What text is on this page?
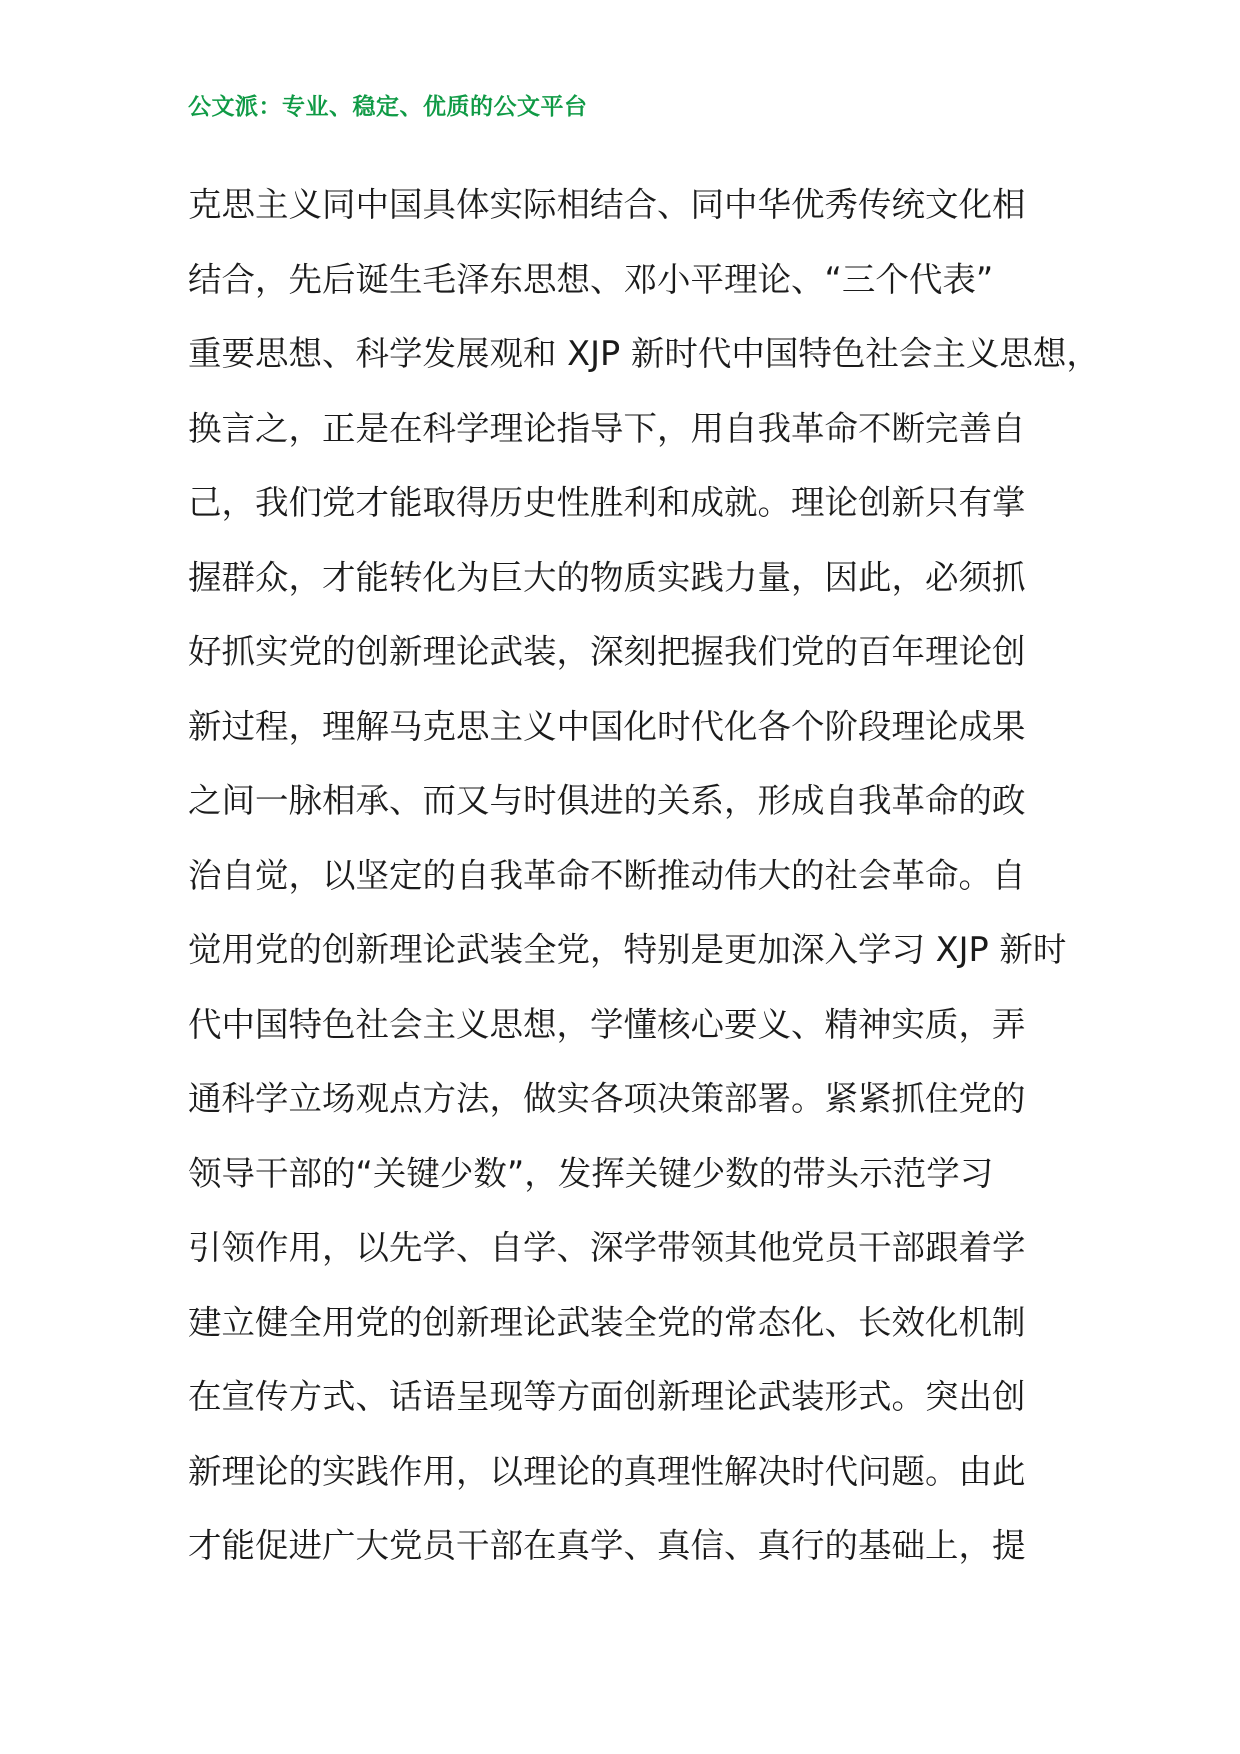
公文派：专业、稳定、优质的公文平台
克思主义同中国具体实际相结合、同中华优秀传统文化相
结合，先后诞生毛泽东思想、邓小平理论、“三个代表”
重要思想、科学发展观和 XJP 新时代中国特色社会主义思想，
换言之，正是在科学理论指导下，用自我革命不断完善自
己，我们党才能取得历史性胜利和成就。理论创新只有掌
握群众，才能转化为巨大的物质实践力量，因此，必须抓
好抓实党的创新理论武装，深刻把握我们党的百年理论创
新过程，理解马克思主义中国化时代化各个阶段理论成果
之间一脉相承、而又与时俱进的关系，形成自我革命的政
治自觉，以坚定的自我革命不断推动伟大的社会革命。自
觉用党的创新理论武装全党，特别是更加深入学习 XJP 新时
代中国特色社会主义思想，学懂核心要义、精神实质，弄
通科学立场观点方法，做实各项决策部署。紧紧抓住党的
领导干部的“关键少数”，发挥关键少数的带头示范学习
引领作用，以先学、自学、深学带领其他党员干部跟着学
建立健全用党的创新理论武装全党的常态化、长效化机制
在宣传方式、话语呈现等方面创新理论武装形式。突出创
新理论的实践作用，以理论的真理性解决时代问题。由此
才能促进广大党员干部在真学、真信、真行的基础上，提
